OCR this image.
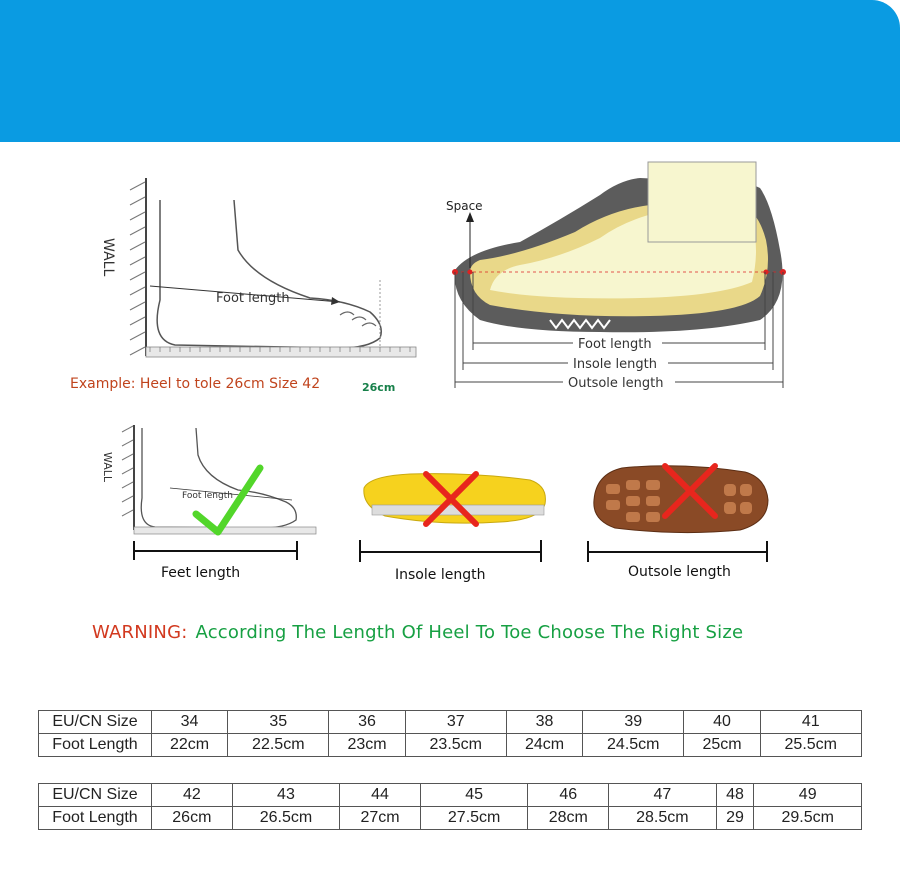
WALL
Foot length
Example: Heel to tole 26cm Size 42	26cm
Space
Foot length
Insole length
Outsole length
WALL
Foot length
Feet length	Insole length	Outsole length
WARNING: According The Length Of Heel To Toe Choose The Right Size
EU/CN Size	34	35	36	37	38	39	40	41
Foot Length	22cm	22.5cm	23cm	23.5cm	24cm	24.5cm	25cm	25.5cm
EU/CN Size	42	43	44	45	46	47	48	49
Foot Length	26cm	26.5cm	27cm	27.5cm	28cm	28.5cm	29	29.5cm
